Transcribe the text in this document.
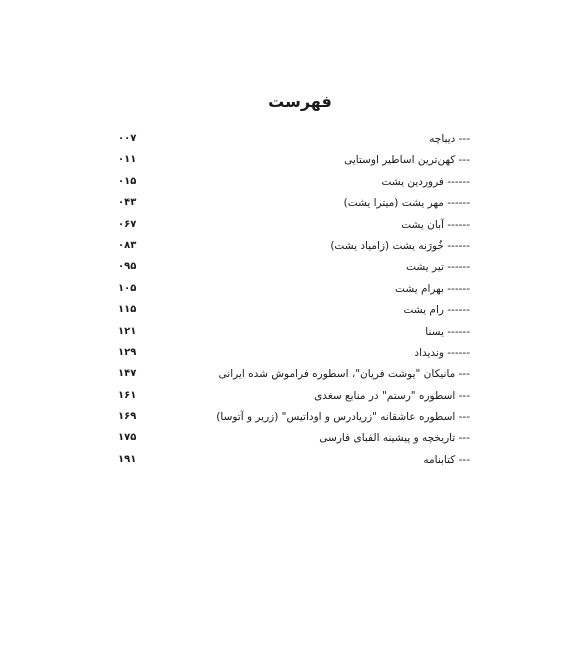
فهرست
--- دیباچه
۰۰۷
--- کهن‌ترین اساطیر اوستایی
۰۱۱
------ فروردین یشت
۰۱۵
------ مهر یشت (میترا یشت)
۰۴۳
------ آبان یشت
۰۶۷
------ خُورَنه یشت (زامیاد یشت)
۰۸۳
------ تیر یشت
۰۹۵
------ بهرام یشت
۱۰۵
------ رام یشت
۱۱۵
------ یسنا
۱۲۱
------ وندیداد
۱۲۹
--- مانیکان "یوشت فریان"، اسطوره فراموش شده ایرانی
۱۴۷
--- اسطوره "رستم" در منابع سغدی
۱۶۱
--- اسطوره عاشقانه "زریادرس و اوداتیس" (زریر و آتوسا)
۱۶۹
--- تاریخچه و پیشینه الفبای فارسی
۱۷۵
--- کتابنامه
۱۹۱
